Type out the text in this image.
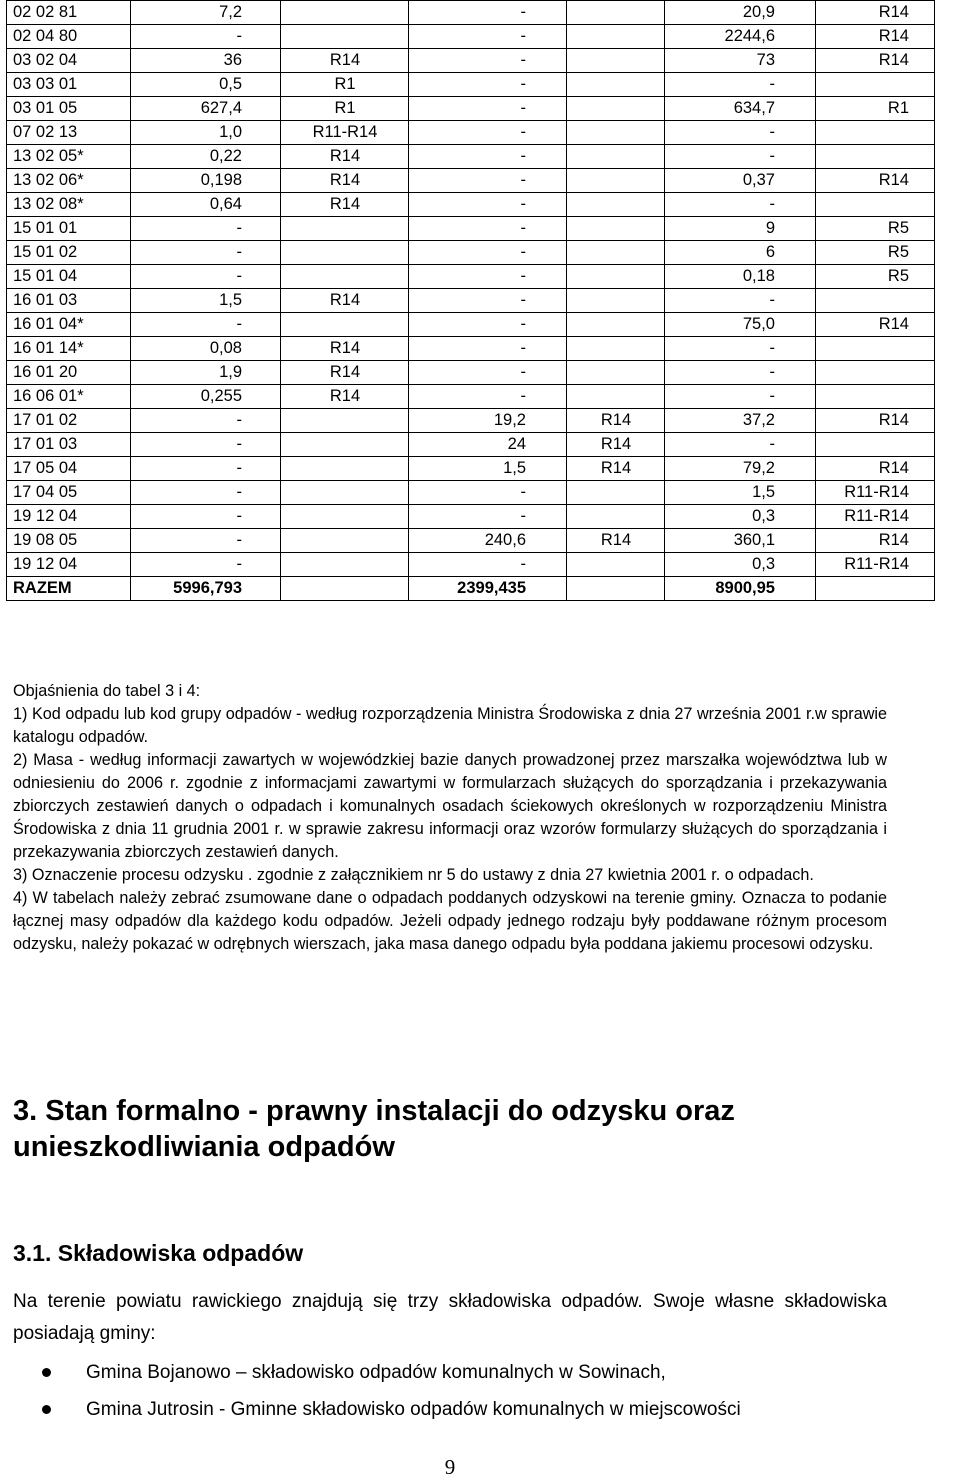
02 02 81	7,2		-		20,9	R14
02 04 80	-		-		2244,6	R14
03 02 04	36	R14	-		73	R14
03 03 01	0,5	R1	-		-	
03 01 05	627,4	R1	-		634,7	R1
07 02 13	1,0	R11-R14	-		-	
13 02 05*	0,22	R14	-		-	
13 02 06*	0,198	R14	-		0,37	R14
13 02 08*	0,64	R14	-		-	
15 01 01	-		-		9	R5
15 01 02	-		-		6	R5
15 01 04	-		-		0,18	R5
16 01 03	1,5	R14	-		-	
16 01 04*	-		-		75,0	R14
16 01 14*	0,08	R14	-		-	
16 01 20	1,9	R14	-		-	
16 06 01*	0,255	R14	-		-	
17 01 02	-		19,2	R14	37,2	R14
17 01 03	-		24	R14	-	
17 05 04	-		1,5	R14	79,2	R14
17 04 05	-		-		1,5	R11-R14
19 12 04	-		-		0,3	R11-R14
19 08 05	-		240,6	R14	360,1	R14
19 12 04	-		-		0,3	R11-R14
RAZEM	5996,793		2399,435		8900,95	

Objaśnienia do tabel 3 i 4:

1) Kod odpadu lub kod grupy odpadów - według rozporządzenia Ministra Środowiska z dnia 27 września 2001 r.w sprawie katalogu odpadów.

2) Masa - według informacji zawartych w wojewódzkiej bazie danych prowadzonej przez marszałka województwa lub w odniesieniu do 2006 r. zgodnie z informacjami zawartymi w formularzach służących do sporządzania i przekazywania zbiorczych zestawień danych o odpadach i komunalnych osadach ściekowych określonych w rozporządzeniu Ministra Środowiska z dnia 11 grudnia 2001 r. w sprawie zakresu informacji oraz wzorów formularzy służących do sporządzania i przekazywania zbiorczych zestawień danych.

3) Oznaczenie procesu odzysku . zgodnie z załącznikiem nr 5 do ustawy z dnia 27 kwietnia 2001 r. o odpadach.

4) W tabelach należy zebrać zsumowane dane o odpadach poddanych odzyskowi na terenie gminy. Oznacza to podanie łącznej masy odpadów dla każdego kodu odpadów. Jeżeli odpady jednego rodzaju były poddawane różnym procesom odzysku, należy pokazać w odrębnych wierszach, jaka masa danego odpadu była poddana jakiemu procesowi odzysku.

3. Stan formalno - prawny instalacji do odzysku oraz unieszkodliwiania odpadów
3.1. Składowiska odpadów

Na terenie powiatu rawickiego znajdują się trzy składowiska odpadów. Swoje własne składowiska posiadają gminy:

Gmina Bojanowo – składowisko odpadów komunalnych w Sowinach,
Gmina Jutrosin - Gminne składowisko odpadów komunalnych w miejscowości
9
